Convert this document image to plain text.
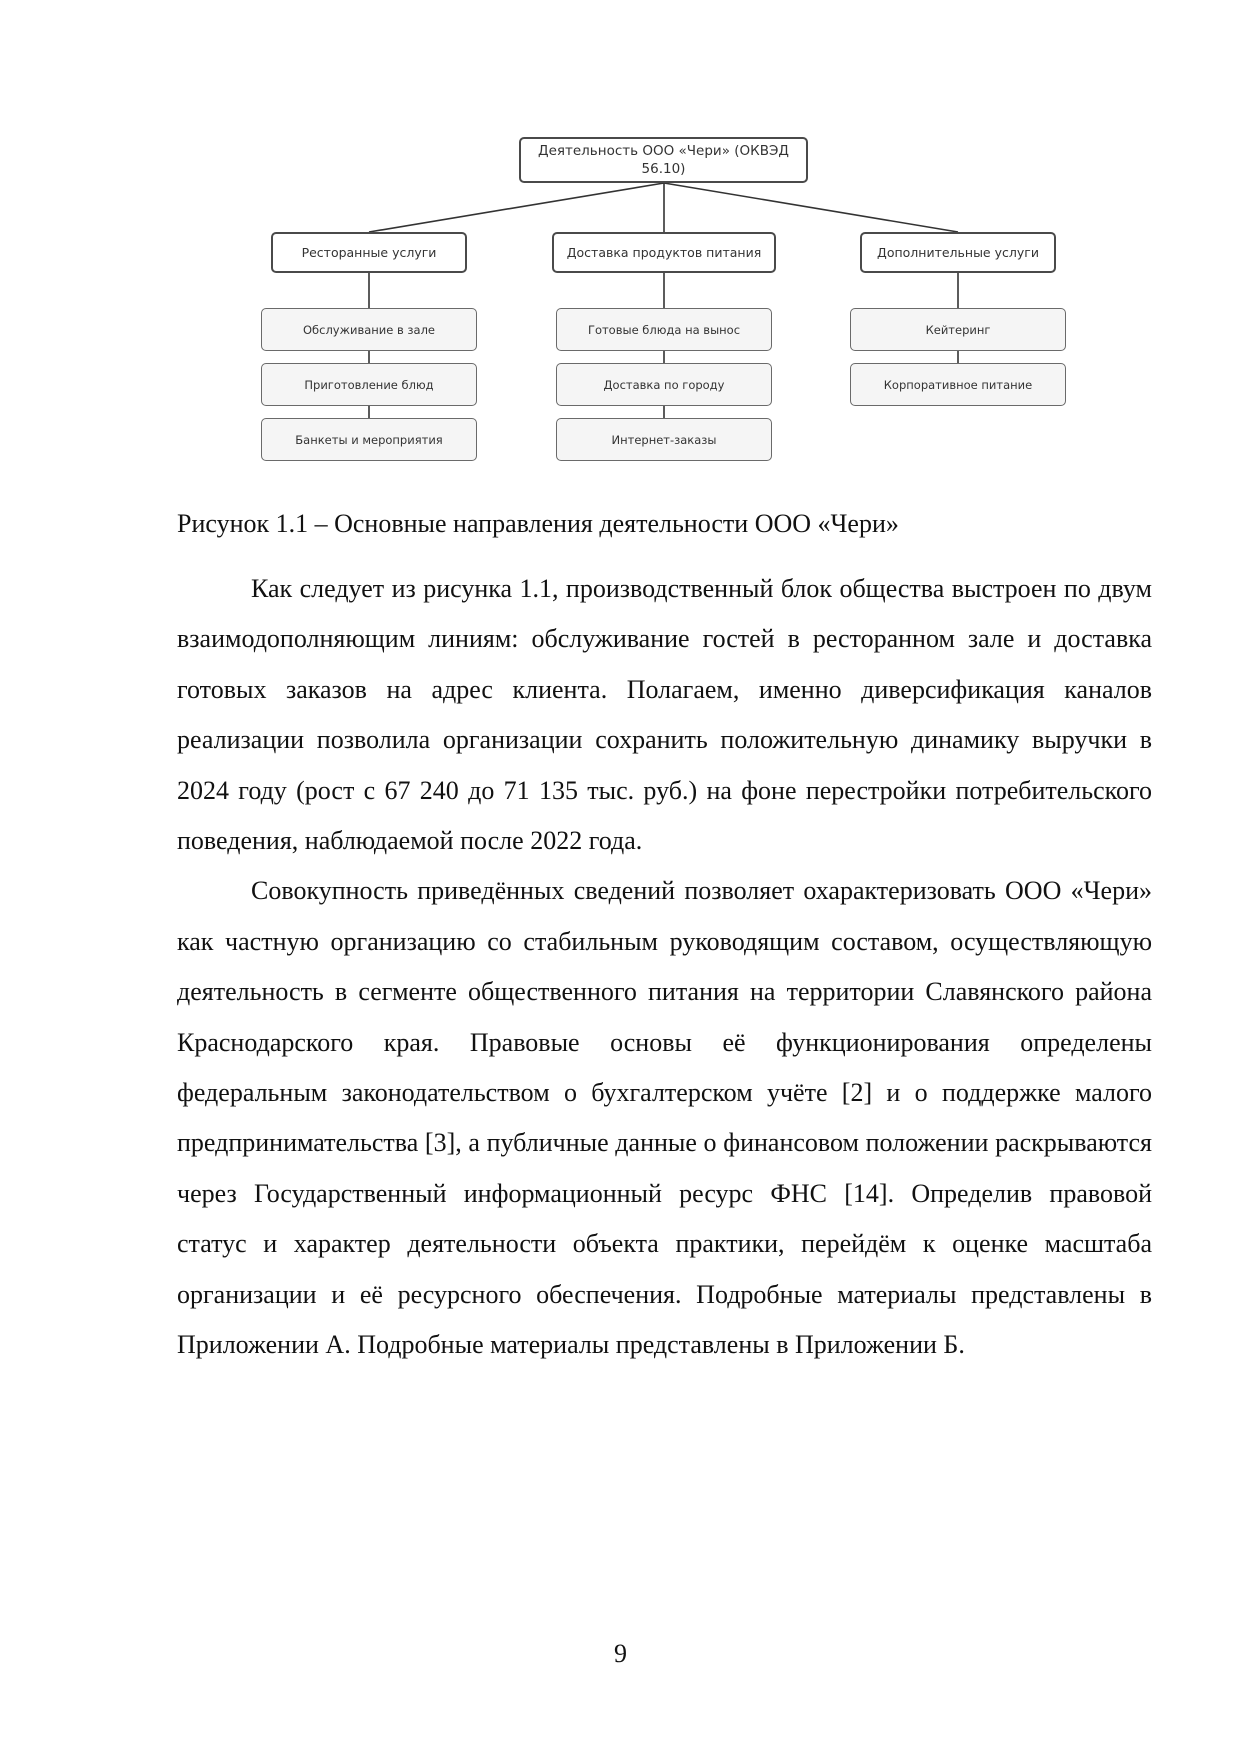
Деятельность ООО «Чери» (ОКВЭД
56.10)
Ресторанные услуги	Доставка продуктов питания	Дополнительные услуги
Обслуживание в зале
Приготовление блюд
Банкеты и мероприятия
Готовые блюда на вынос
Доставка по городу
Интернет-заказы
Кейтеринг
Корпоративное питание

Рисунок 1.1 – Основные направления деятельности ООО «Чери»

Как следует из рисунка 1.1, производственный блок общества выстроен по двум взаимодополняющим линиям: обслуживание гостей в ресторанном зале и доставка готовых заказов на адрес клиента. Полагаем, именно диверсификация каналов реализации позволила организации сохранить положительную динамику выручки в 2024 году (рост с 67 240 до 71 135 тыс. руб.) на фоне перестройки потребительского поведения, наблюдаемой после 2022 года.

Совокупность приведённых сведений позволяет охарактеризовать ООО «Чери» как частную организацию со стабильным руководящим составом, осуществляющую деятельность в сегменте общественного питания на территории Славянского района Краснодарского края. Правовые основы её функционирования определены федеральным законодательством о бухгалтерском учёте [2] и о поддержке малого предпринимательства [3], а публичные данные о финансовом положении раскрываются через Государственный информационный ресурс ФНС [14]. Определив правовой статус и характер деятельности объекта практики, перейдём к оценке масштаба организации и её ресурсного обеспечения. Подробные материалы представлены в Приложении А. Подробные материалы представлены в Приложении Б.

9
